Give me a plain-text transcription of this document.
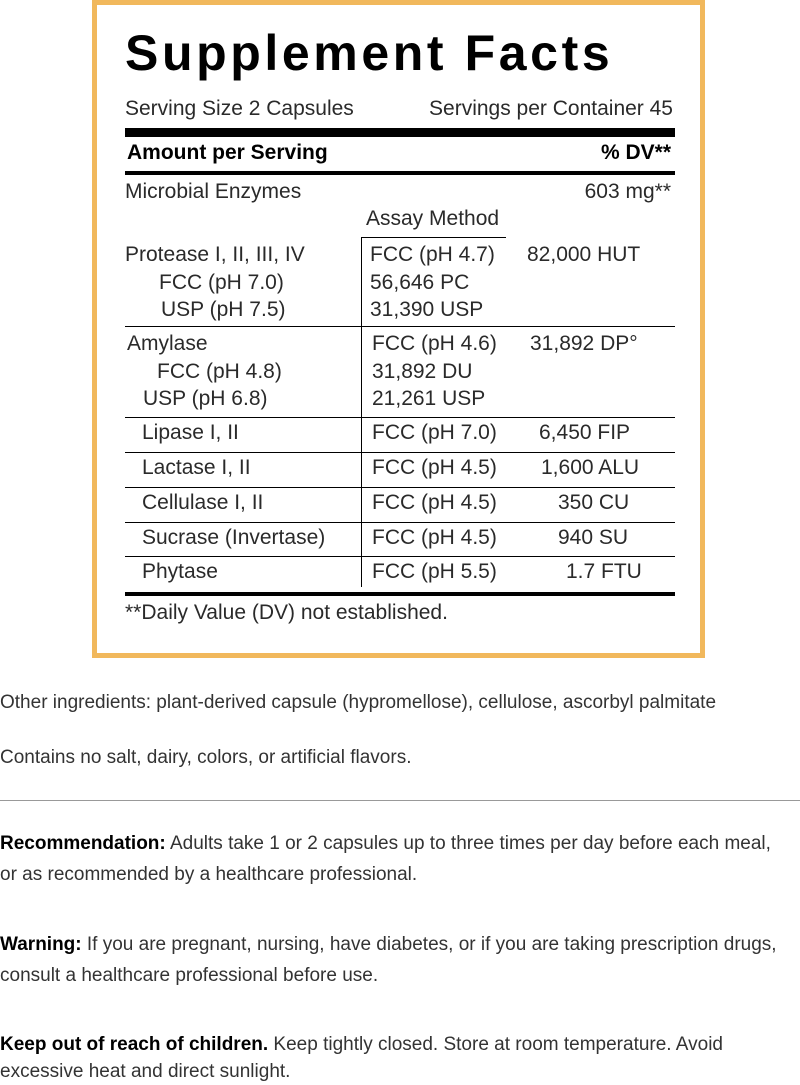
Supplement Facts
Serving Size 2 Capsules	Servings per Container 45
Amount per Serving	% DV**
Microbial Enzymes	603 mg**
Assay Method
Protease I, II, III, IV	FCC (pH 4.7) 82,000 HUT
FCC (pH 7.0)	56,646 PC
USP (pH 7.5)	31,390 USP
Amylase	FCC (pH 4.6) 31,892 DP°
FCC (pH 4.8)	31,892 DU
USP (pH 6.8)	21,261 USP
Lipase I, II	FCC (pH 7.0) 6,450 FIP
Lactase I, II	FCC (pH 4.5) 1,600 ALU
Cellulase I, II	FCC (pH 4.5)	350 CU
Sucrase (Invertase) FCC (pH 4.5)	940 SU
Phytase	FCC (pH 5.5)	1.7 FTU
**Daily Value (DV) not established.
Other ingredients: plant-derived capsule (hypromellose), cellulose, ascorbyl palmitate
Contains no salt, dairy, colors, or artificial flavors.
Recommendation: Adults take 1 or 2 capsules up to three times per day before each meal, or as recommended by a healthcare professional.
Warning: If you are pregnant, nursing, have diabetes, or if you are taking prescription drugs, consult a healthcare professional before use.
Keep out of reach of children. Keep tightly closed. Store at room temperature. Avoid excessive heat and direct sunlight.
